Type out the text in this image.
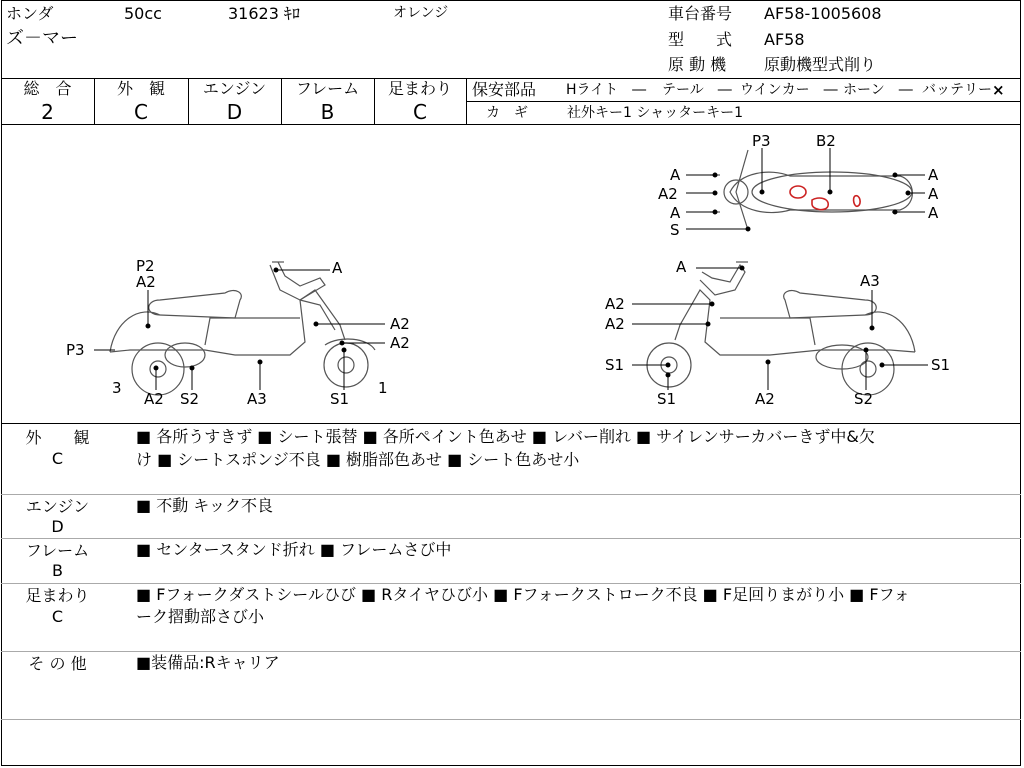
ホンダ	50cc	31623 ｷﾛ	オレンジ
ズ－マー
車台番号 AF58-1005608
型　　式 AF58
原 動 機 原動機型式削り
総　合
2
外　観
C
エンジン
D
フレーム
B
足まわり
C
保安部品 Hライト　― テール　― ウインカー　― ホーン　― バッテリー ×
カ　ギ	社外キー1 シャッターキー1
P3	B2
A
A2
A
S
A
A
A
P2
A2
A
P3
A2
A2
3	1
A2 S2	A3	S1
A
A3
A2
A2
S1	S1
S1	A2	S2
外　　観
C
■ 各所うすきず ■ シート張替 ■ 各所ペイント色あせ ■ レバー削れ ■ サイレンサーカバーきず中&欠
け ■ シートスポンジ不良 ■ 樹脂部色あせ ■ シート色あせ小
エンジン
D
■ 不動 キック不良
フレーム
B
■ センタースタンド折れ ■ フレームさび中
足まわり
C
■ Fフォークダストシールひび ■ Rタイヤひび小 ■ Fフォークストローク不良 ■ F足回りまがり小 ■ Fフォ
ーク摺動部さび小
そ の 他	■装備品:Rキャリア
